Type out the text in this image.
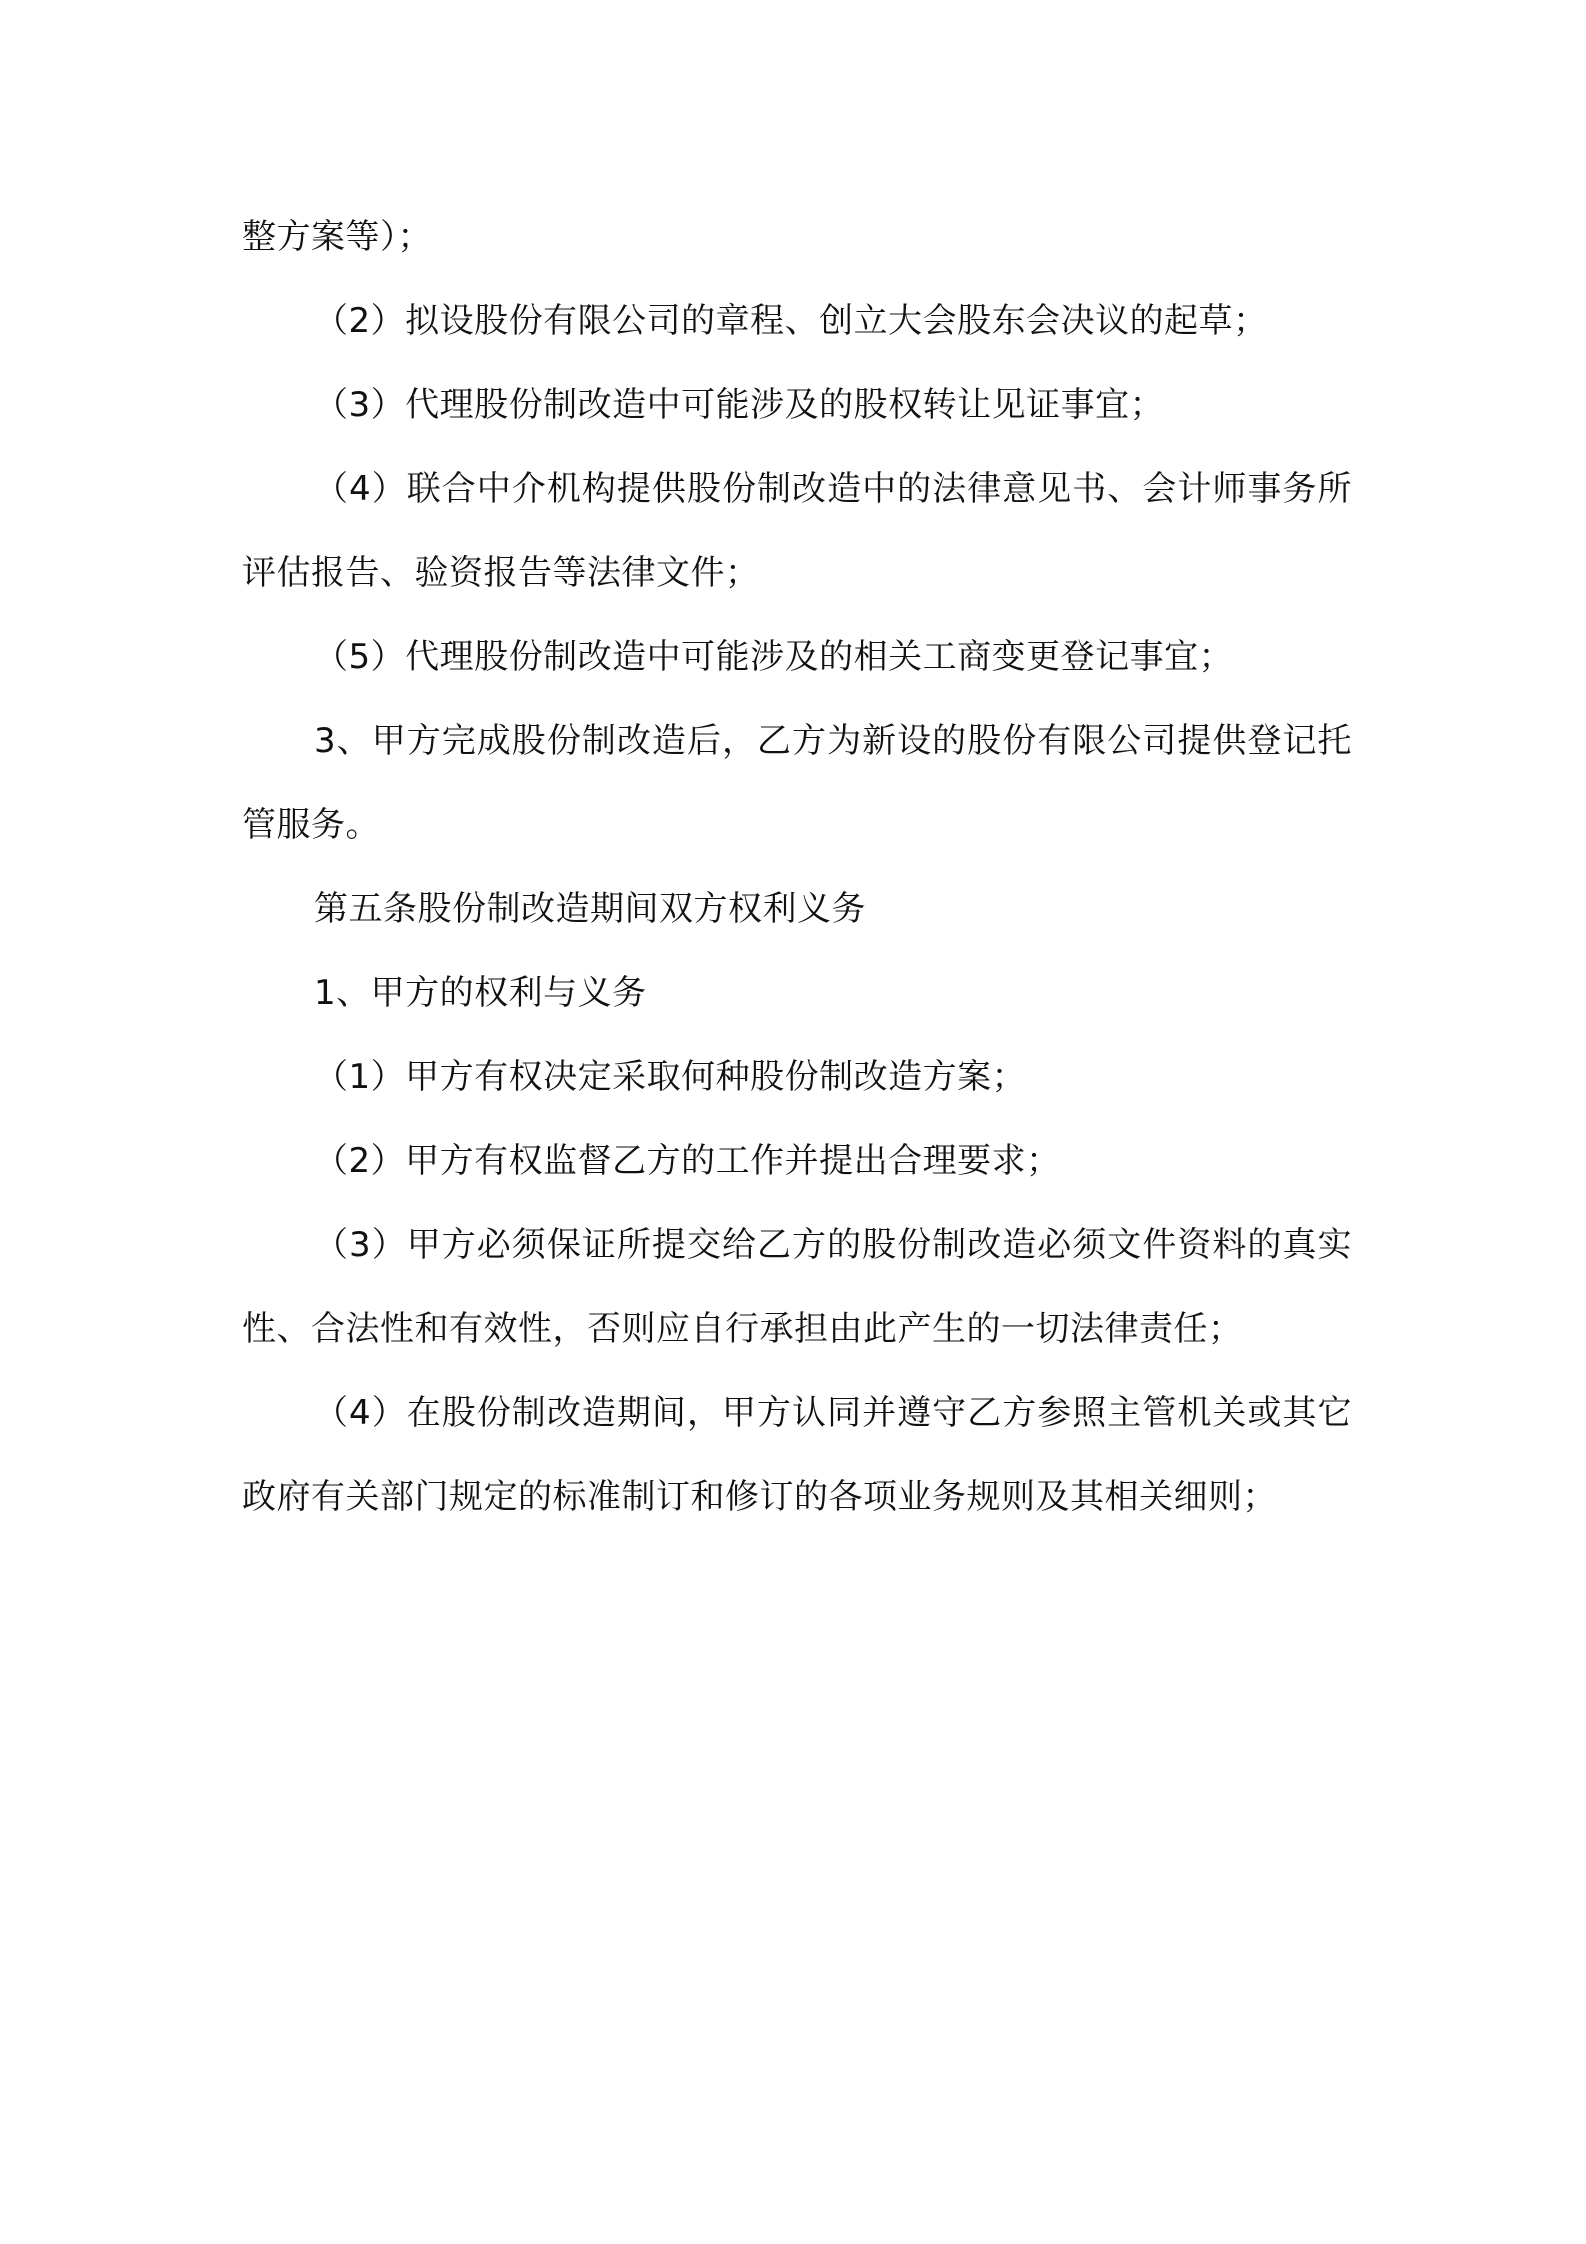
整方案等）；

（2）拟设股份有限公司的章程、创立大会股东会决议的起草；

（3）代理股份制改造中可能涉及的股权转让见证事宜；

（4）联合中介机构提供股份制改造中的法律意见书、会计师事务所评估报告、验资报告等法律文件；

（5）代理股份制改造中可能涉及的相关工商变更登记事宜；

3、甲方完成股份制改造后，乙方为新设的股份有限公司提供登记托管服务。

第五条股份制改造期间双方权利义务

1、甲方的权利与义务

（1）甲方有权决定采取何种股份制改造方案；

（2）甲方有权监督乙方的工作并提出合理要求；

（3）甲方必须保证所提交给乙方的股份制改造必须文件资料的真实性、合法性和有效性，否则应自行承担由此产生的一切法律责任；

（4）在股份制改造期间，甲方认同并遵守乙方参照主管机关或其它政府有关部门规定的标准制订和修订的各项业务规则及其相关细则；
